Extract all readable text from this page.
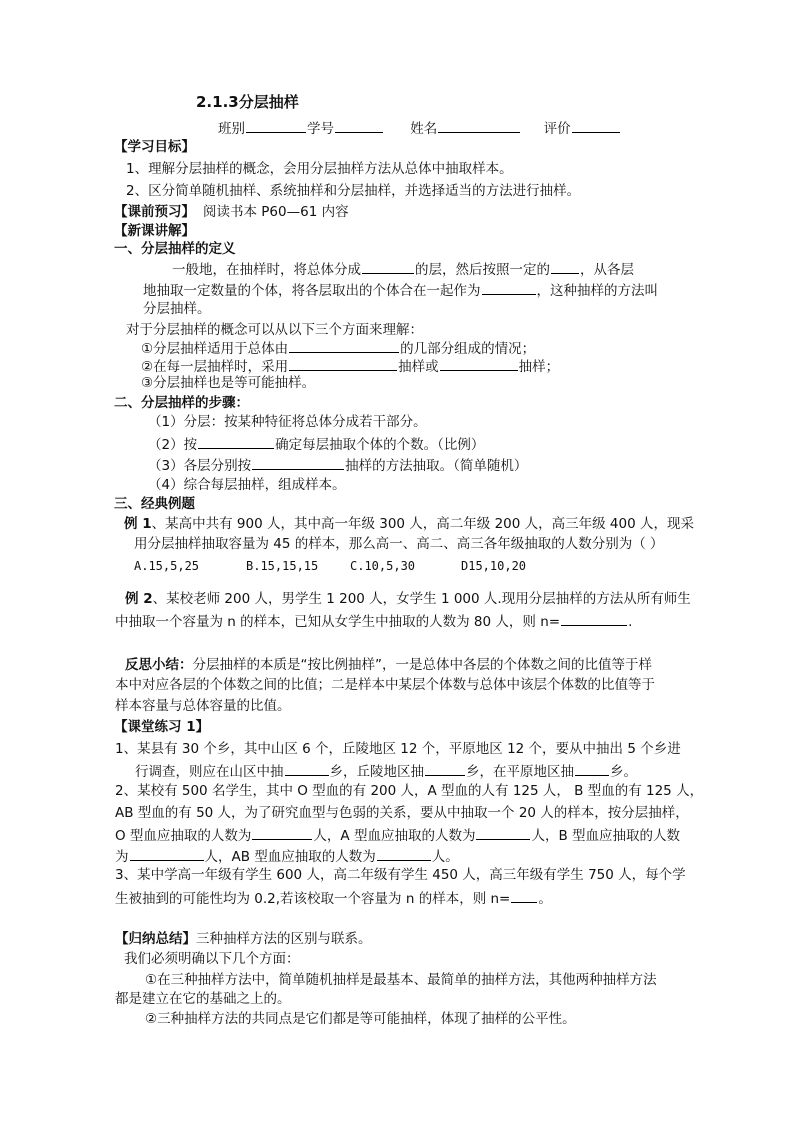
2.1.3分层抽样
班别	学号	姓名	评价
【学习目标】
1、理解分层抽样的概念，会用分层抽样方法从总体中抽取样本。
2、区分简单随机抽样、系统抽样和分层抽样，并选择适当的方法进行抽样。
【课前预习】 阅读书本 P60—61 内容
【新课讲解】
一、分层抽样的定义
一般地，在抽样时，将总体分成	的层，然后按照一定的 ，从各层
地抽取一定数量的个体，将各层取出的个体合在一起作为	，这种抽样的方法叫
分层抽样。
对于分层抽样的概念可以从以下三个方面来理解：
①分层抽样适用于总体由	的几部分组成的情况；
②在每一层抽样时，采用	抽样或	抽样；
③分层抽样也是等可能抽样。
二、分层抽样的步骤：
（1）分层：按某种特征将总体分成若干部分。
（2）按	确定每层抽取个体的个数。（比例）
（3）各层分别按	抽样的方法抽取。（简单随机）
（4）综合每层抽样，组成样本。
三、经典例题
例 1、某高中共有 900 人，其中高一年级 300 人，高二年级 200 人，高三年级 400 人，现采
用分层抽样抽取容量为 45 的样本，那么高一、高二、高三各年级抽取的人数分别为（ ）
A.15,5,25	B.15,15,15	C.10,5,30	D15,10,20
例 2、某校老师 200 人，男学生 1 200 人，女学生 1 000 人.现用分层抽样的方法从所有师生
中抽取一个容量为 n 的样本，已知从女学生中抽取的人数为 80 人，则 n=	.
反思小结：分层抽样的本质是“按比例抽样”，一是总体中各层的个体数之间的比值等于样
本中对应各层的个体数之间的比值；二是样本中某层个体数与总体中该层个体数的比值等于
样本容量与总体容量的比值。
【课堂练习 1】
1、某县有 30 个乡，其中山区 6 个，丘陵地区 12 个，平原地区 12 个，要从中抽出 5 个乡进
行调查，则应在山区中抽	乡，丘陵地区抽	乡，在平原地区抽	乡。
2、某校有 500 名学生，其中 O 型血的有 200 人，A 型血的人有 125 人， B 型血的有 125 人，
AB 型血的有 50 人，为了研究血型与色弱的关系，要从中抽取一个 20 人的样本，按分层抽样，
O 型血应抽取的人数为	人，A 型血应抽取的人数为	人，B 型血应抽取的人数
为	人，AB 型血应抽取的人数为	人。
3、某中学高一年级有学生 600 人，高二年级有学生 450 人，高三年级有学生 750 人，每个学
生被抽到的可能性均为 0.2,若该校取一个容量为 n 的样本，则 n= 。
【归纳总结】三种抽样方法的区别与联系。
我们必须明确以下几个方面：
①在三种抽样方法中，简单随机抽样是最基本、最简单的抽样方法，其他两种抽样方法
都是建立在它的基础之上的。
②三种抽样方法的共同点是它们都是等可能抽样，体现了抽样的公平性。
